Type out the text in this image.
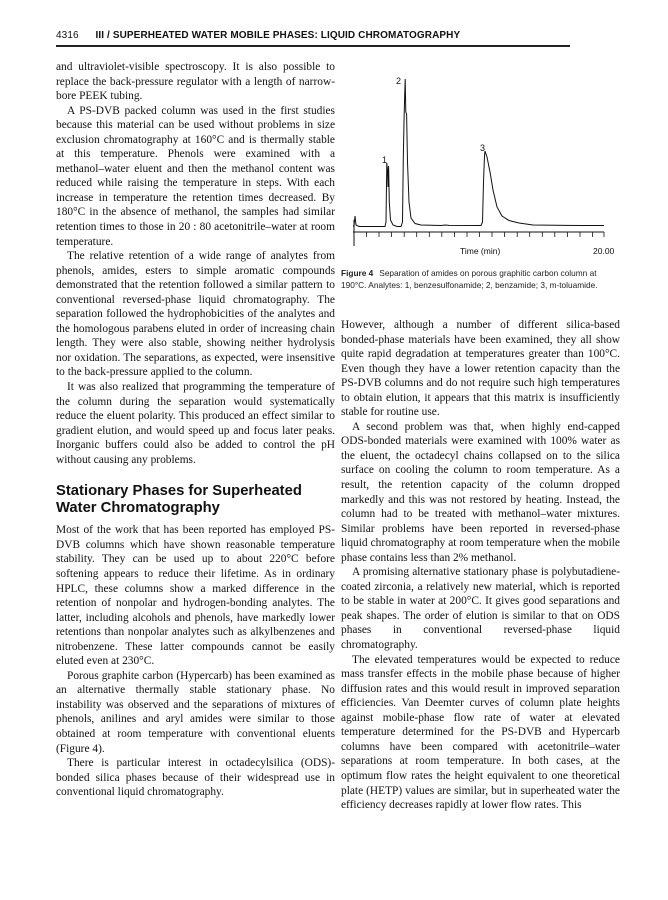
4316 III / SUPERHEATED WATER MOBILE PHASES: LIQUID CHROMATOGRAPHY

and ultraviolet-visible spectroscopy. It is also possible to replace the back-pressure regulator with a length of narrow-bore PEEK tubing.

A PS-DVB packed column was used in the first studies because this material can be used without problems in size exclusion chromatography at 160°C and is thermally stable at this temperature. Phenols were examined with a methanol–water eluent and then the methanol content was reduced while raising the temperature in steps. With each increase in temperature the retention times decreased. By 180°C in the absence of methanol, the samples had similar retention times to those in 20 : 80 acetonitrile–water at room temperature.

The relative retention of a wide range of analytes from phenols, amides, esters to simple aromatic compounds demonstrated that the retention followed a similar pattern to conventional reversed-phase liquid chromatography. The separation followed the hydrophobicities of the analytes and the homologous parabens eluted in order of increasing chain length. They were also stable, showing neither hydrolysis nor oxidation. The separations, as expected, were insensitive to the back-pressure applied to the column.

It was also realized that programming the temperature of the column during the separation would systematically reduce the eluent polarity. This produced an effect similar to gradient elution, and would speed up and focus later peaks. Inorganic buffers could also be added to control the pH without causing any problems.

Stationary Phases for Superheated Water Chromatography

Most of the work that has been reported has employed PS-DVB columns which have shown reasonable temperature stability. They can be used up to about 220°C before softening appears to reduce their lifetime. As in ordinary HPLC, these columns show a marked difference in the retention of nonpolar and hydrogen-bonding analytes. The latter, including alcohols and phenols, have markedly lower retentions than nonpolar analytes such as alkylbenzenes and nitrobenzene. These latter compounds cannot be easily eluted even at 230°C.

Porous graphite carbon (Hypercarb) has been examined as an alternative thermally stable stationary phase. No instability was observed and the separations of mixtures of phenols, anilines and aryl amides were similar to those obtained at room temperature with conventional eluents (Figure 4).

There is particular interest in octadecylsilica (ODS)-bonded silica phases because of their widespread use in conventional liquid chromatography.

1
2
3
Time (min)	20.00
Figure 4 Separation of amides on porous graphitic carbon column at 190°C. Analytes: 1, benzesulfonamide; 2, benzamide; 3, m-toluamide.

However, although a number of different silica-based bonded-phase materials have been examined, they all show quite rapid degradation at temperatures greater than 100°C. Even though they have a lower retention capacity than the PS-DVB columns and do not require such high temperatures to obtain elution, it appears that this matrix is insufficiently stable for routine use.

A second problem was that, when highly end-capped ODS-bonded materials were examined with 100% water as the eluent, the octadecyl chains collapsed on to the silica surface on cooling the column to room temperature. As a result, the retention capacity of the column dropped markedly and this was not restored by heating. Instead, the column had to be treated with methanol–water mixtures. Similar problems have been reported in reversed-phase liquid chromatography at room temperature when the mobile phase contains less than 2% methanol.

A promising alternative stationary phase is polybutadiene-coated zirconia, a relatively new material, which is reported to be stable in water at 200°C. It gives good separations and peak shapes. The order of elution is similar to that on ODS phases in conventional reversed-phase liquid chromatography.

The elevated temperatures would be expected to reduce mass transfer effects in the mobile phase because of higher diffusion rates and this would result in improved separation efficiencies. Van Deemter curves of column plate heights against mobile-phase flow rate of water at elevated temperature determined for the PS-DVB and Hypercarb columns have been compared with acetonitrile–water separations at room temperature. In both cases, at the optimum flow rates the height equivalent to one theoretical plate (HETP) values are similar, but in superheated water the efficiency decreases rapidly at lower flow rates. This
